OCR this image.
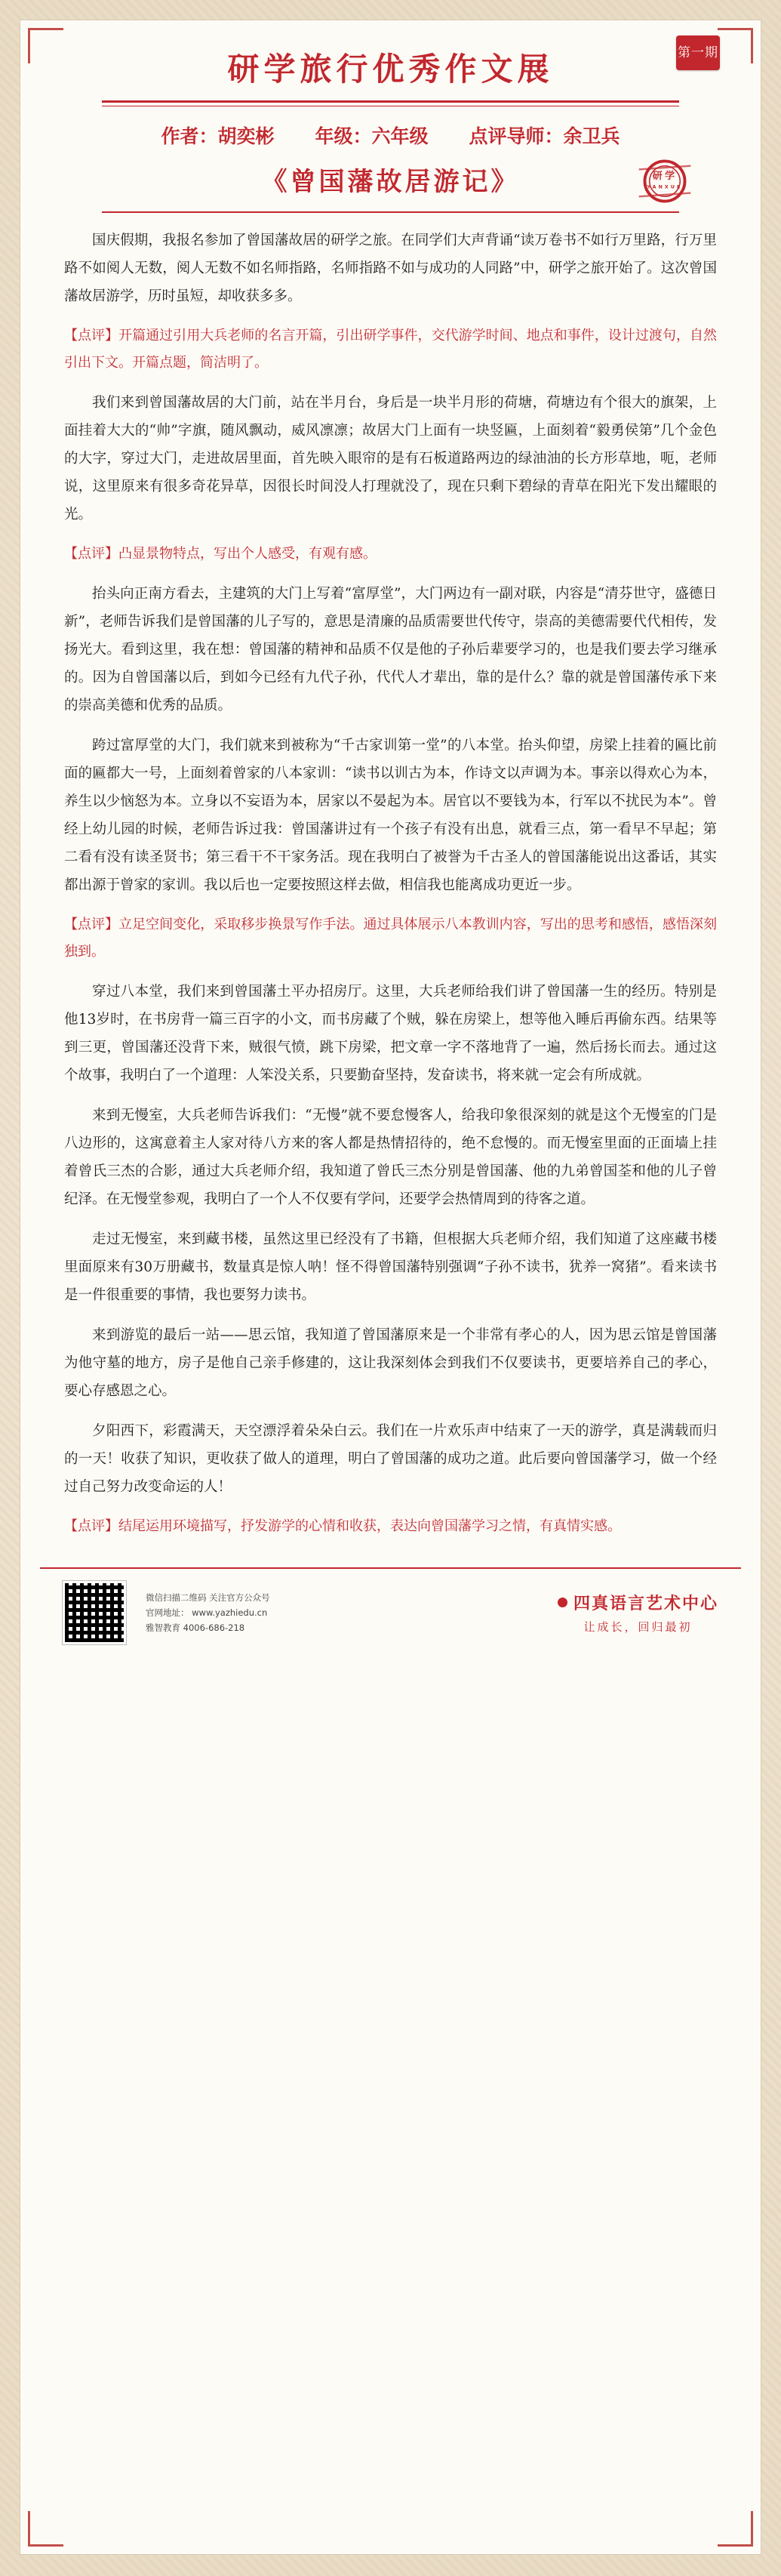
研学旅行优秀作文展	第一期
作者：胡奕彬 年级：六年级 点评导师：余卫兵
《曾国藩故居游记》	研学
YANXUE

国庆假期，我报名参加了曾国藩故居的研学之旅。在同学们大声背诵“读万卷书不如行万里路，行万里路不如阅人无数，阅人无数不如名师指路，名师指路不如与成功的人同路”中，研学之旅开始了。这次曾国藩故居游学，历时虽短，却收获多多。

【点评】开篇通过引用大兵老师的名言开篇，引出研学事件，交代游学时间、地点和事件，设计过渡句，自然引出下文。开篇点题，简洁明了。

我们来到曾国藩故居的大门前，站在半月台，身后是一块半月形的荷塘，荷塘边有个很大的旗架，上面挂着大大的“帅”字旗，随风飘动，威风凛凛；故居大门上面有一块竖匾，上面刻着“毅勇侯第”几个金色的大字，穿过大门，走进故居里面，首先映入眼帘的是有石板道路两边的绿油油的长方形草地，呃，老师说，这里原来有很多奇花异草，因很长时间没人打理就没了，现在只剩下碧绿的青草在阳光下发出耀眼的光。

【点评】凸显景物特点，写出个人感受，有观有感。

抬头向正南方看去，主建筑的大门上写着“富厚堂”，大门两边有一副对联，内容是“清芬世守，盛德日新”，老师告诉我们是曾国藩的儿子写的，意思是清廉的品质需要世代传守，崇高的美德需要代代相传，发扬光大。看到这里，我在想：曾国藩的精神和品质不仅是他的子孙后辈要学习的，也是我们要去学习继承的。因为自曾国藩以后，到如今已经有九代子孙，代代人才辈出，靠的是什么？靠的就是曾国藩传承下来的崇高美德和优秀的品质。

跨过富厚堂的大门，我们就来到被称为“千古家训第一堂”的八本堂。抬头仰望，房梁上挂着的匾比前面的匾都大一号，上面刻着曾家的八本家训：“读书以训古为本，作诗文以声调为本。事亲以得欢心为本，养生以少恼怒为本。立身以不妄语为本，居家以不晏起为本。居官以不要钱为本，行军以不扰民为本”。曾经上幼儿园的时候，老师告诉过我：曾国藩讲过有一个孩子有没有出息，就看三点，第一看早不早起；第二看有没有读圣贤书；第三看干不干家务活。现在我明白了被誉为千古圣人的曾国藩能说出这番话，其实都出源于曾家的家训。我以后也一定要按照这样去做，相信我也能离成功更近一步。

【点评】立足空间变化，采取移步换景写作手法。通过具体展示八本教训内容，写出的思考和感悟，感悟深刻独到。

穿过八本堂，我们来到曾国藩土平办招房厅。这里，大兵老师给我们讲了曾国藩一生的经历。特别是他13岁时，在书房背一篇三百字的小文，而书房藏了个贼，躲在房梁上，想等他入睡后再偷东西。结果等到三更，曾国藩还没背下来，贼很气愤，跳下房梁，把文章一字不落地背了一遍，然后扬长而去。通过这个故事，我明白了一个道理：人笨没关系，只要勤奋坚持，发奋读书，将来就一定会有所成就。

来到无慢室，大兵老师告诉我们：“无慢”就不要怠慢客人，给我印象很深刻的就是这个无慢室的门是八边形的，这寓意着主人家对待八方来的客人都是热情招待的，绝不怠慢的。而无慢室里面的正面墙上挂着曾氏三杰的合影，通过大兵老师介绍，我知道了曾氏三杰分别是曾国藩、他的九弟曾国荃和他的儿子曾纪泽。在无慢堂参观，我明白了一个人不仅要有学问，还要学会热情周到的待客之道。

走过无慢室，来到藏书楼，虽然这里已经没有了书籍，但根据大兵老师介绍，我们知道了这座藏书楼里面原来有30万册藏书，数量真是惊人呐！怪不得曾国藩特别强调“子孙不读书，犹养一窝猪”。看来读书是一件很重要的事情，我也要努力读书。

来到游览的最后一站——思云馆，我知道了曾国藩原来是一个非常有孝心的人，因为思云馆是曾国藩为他守墓的地方，房子是他自己亲手修建的，这让我深刻体会到我们不仅要读书，更要培养自己的孝心，要心存感恩之心。

夕阳西下，彩霞满天，天空漂浮着朵朵白云。我们在一片欢乐声中结束了一天的游学，真是满载而归的一天！收获了知识，更收获了做人的道理，明白了曾国藩的成功之道。此后要向曾国藩学习，做一个经过自己努力改变命运的人！

【点评】结尾运用环境描写，抒发游学的心情和收获，表达向曾国藩学习之情，有真情实感。

微信扫描二维码 关注官方公众号
官网地址： www.yazhiedu.cn
雅智教育 4006-686-218
四真语言艺术中心
让成长，回归最初
